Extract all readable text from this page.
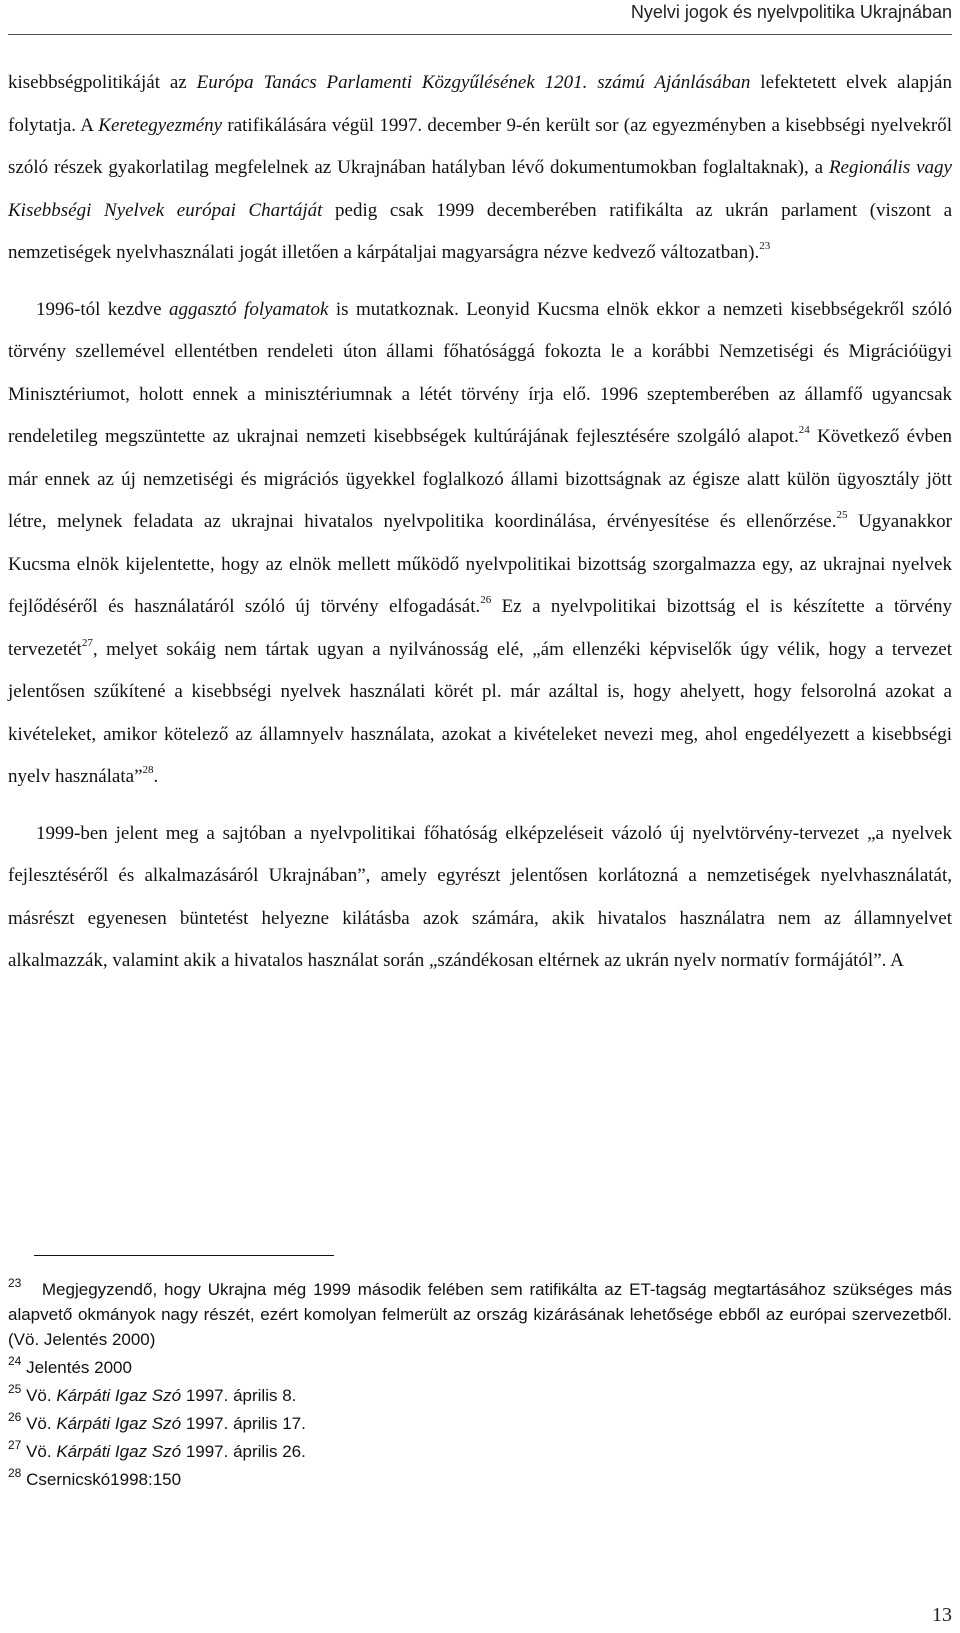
Nyelvi jogok és nyelvpolitika Ukrajnában

kisebbségpolitikáját az Európa Tanács Parlamenti Közgyűlésének 1201. számú Ajánlásában lefektetett elvek alapján folytatja. A Keretegyezmény ratifikálására végül 1997. december 9-én került sor (az egyezményben a kisebbségi nyelvekről szóló részek gyakorlatilag megfelelnek az Ukrajnában hatályban lévő dokumentumokban foglaltaknak), a Regionális vagy Kisebbségi Nyelvek európai Chartáját pedig csak 1999 decemberében ratifikálta az ukrán parlament (viszont a nemzetiségek nyelvhasználati jogát illetően a kárpátaljai magyarságra nézve kedvező változatban).$^{23}$

1996-tól kezdve aggasztó folyamatok is mutatkoznak. Leonyid Kucsma elnök ekkor a nemzeti kisebbségekről szóló törvény szellemével ellentétben rendeleti úton állami főhatósággá fokozta le a korábbi Nemzetiségi és Migrációügyi Minisztériumot, holott ennek a minisztériumnak a létét törvény írja elő. 1996 szeptemberében az államfő ugyancsak rendeletileg megszüntette az ukrajnai nemzeti kisebbségek kultúrájának fejlesztésére szolgáló alapot.$^{24}$ Következő évben már ennek az új nemzetiségi és migrációs ügyekkel foglalkozó állami bizottságnak az égisze alatt külön ügyosztály jött létre, melynek feladata az ukrajnai hivatalos nyelvpolitika koordinálása, érvényesítése és ellenőrzése.$^{25}$ Ugyanakkor Kucsma elnök kijelentette, hogy az elnök mellett működő nyelvpolitikai bizottság szorgalmazza egy, az ukrajnai nyelvek fejlődéséről és használatáról szóló új törvény elfogadását.$^{26}$ Ez a nyelvpolitikai bizottság el is készítette a törvény tervezetét$^{27}$, melyet sokáig nem tártak ugyan a nyilvánosság elé, „ám ellenzéki képviselők úgy vélik, hogy a tervezet jelentősen szűkítené a kisebbségi nyelvek használati körét pl. már azáltal is, hogy ahelyett, hogy felsorolná azokat a kivételeket, amikor kötelező az államnyelv használata, azokat a kivételeket nevezi meg, ahol engedélyezett a kisebbségi nyelv használata”$^{28}$.

1999-ben jelent meg a sajtóban a nyelvpolitikai főhatóság elképzeléseit vázoló új nyelvtörvény-tervezet „a nyelvek fejlesztéséről és alkalmazásáról Ukrajnában”, amely egyrészt jelentősen korlátozná a nemzetiségek nyelvhasználatát, másrészt egyenesen büntetést helyezne kilátásba azok számára, akik hivatalos használatra nem az államnyelvet alkalmazzák, valamint akik a hivatalos használat során „szándékosan eltérnek az ukrán nyelv normatív formájától”. A

$^{23}$ Megjegyzendő, hogy Ukrajna még 1999 második felében sem ratifikálta az ET-tagság megtartásához szükséges más alapvető okmányok nagy részét, ezért komolyan felmerült az ország kizárásának lehetősége ebből az európai szervezetből. (Vö. Jelentés 2000)

$^{24}$ Jelentés 2000

$^{25}$ Vö. Kárpáti Igaz Szó 1997. április 8.

$^{26}$ Vö. Kárpáti Igaz Szó 1997. április 17.

$^{27}$ Vö. Kárpáti Igaz Szó 1997. április 26.

$^{28}$ Csernicskó1998:150

13
